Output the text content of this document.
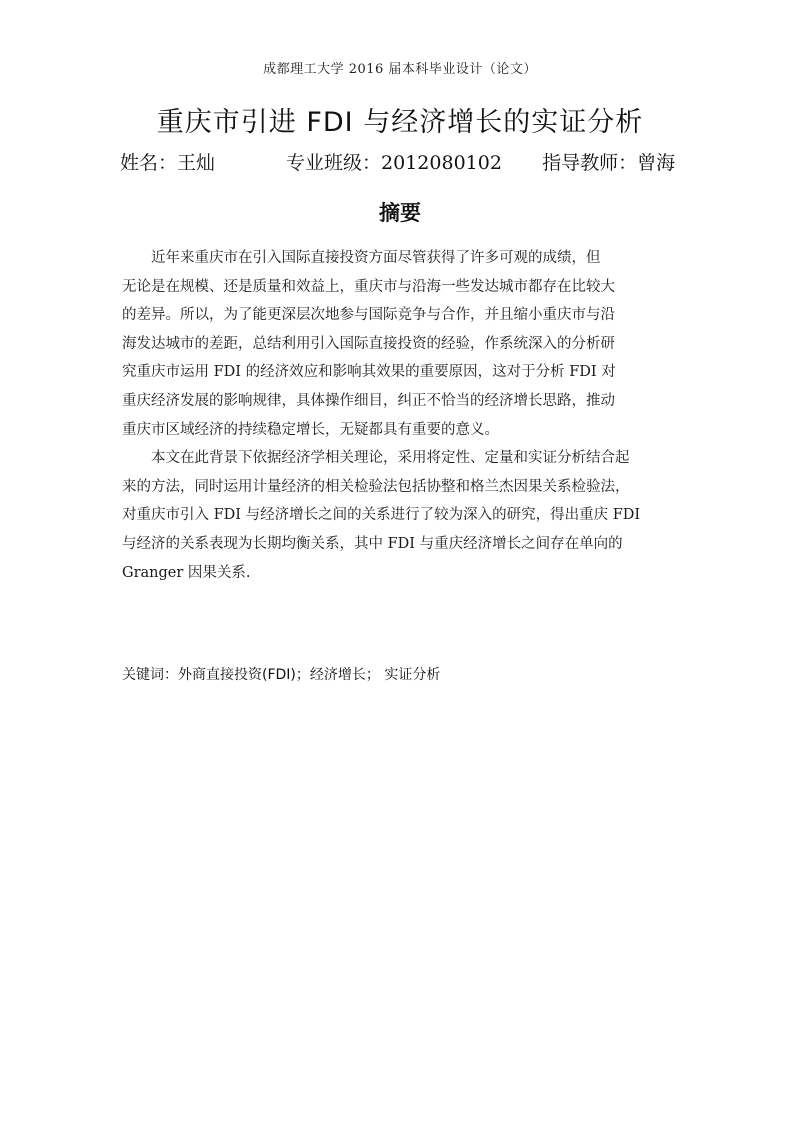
成都理工大学 2016 届本科毕业设计（论文）
重庆市引进 FDI 与经济增长的实证分析
姓名：王灿	专业班级：2012080102 指导教师：曾海
摘要
　　近年来重庆市在引入国际直接投资方面尽管获得了许多可观的成绩，但
无论是在规模、还是质量和效益上，重庆市与沿海一些发达城市都存在比较大
的差异。所以，为了能更深层次地参与国际竞争与合作，并且缩小重庆市与沿
海发达城市的差距，总结利用引入国际直接投资的经验，作系统深入的分析研
究重庆市运用 FDI 的经济效应和影响其效果的重要原因，这对于分析 FDI 对
重庆经济发展的影响规律，具体操作细目，纠正不恰当的经济增长思路，推动
重庆市区域经济的持续稳定增长，无疑都具有重要的意义。
　　本文在此背景下依据经济学相关理论，采用将定性、定量和实证分析结合起
来的方法，同时运用计量经济的相关检验法包括协整和格兰杰因果关系检验法，
对重庆市引入 FDI 与经济增长之间的关系进行了较为深入的研究，得出重庆 FDI
与经济的关系表现为长期均衡关系，其中 FDI 与重庆经济增长之间存在单向的
Granger 因果关系.
关键词：外商直接投资(FDI)；经济增长； 实证分析
